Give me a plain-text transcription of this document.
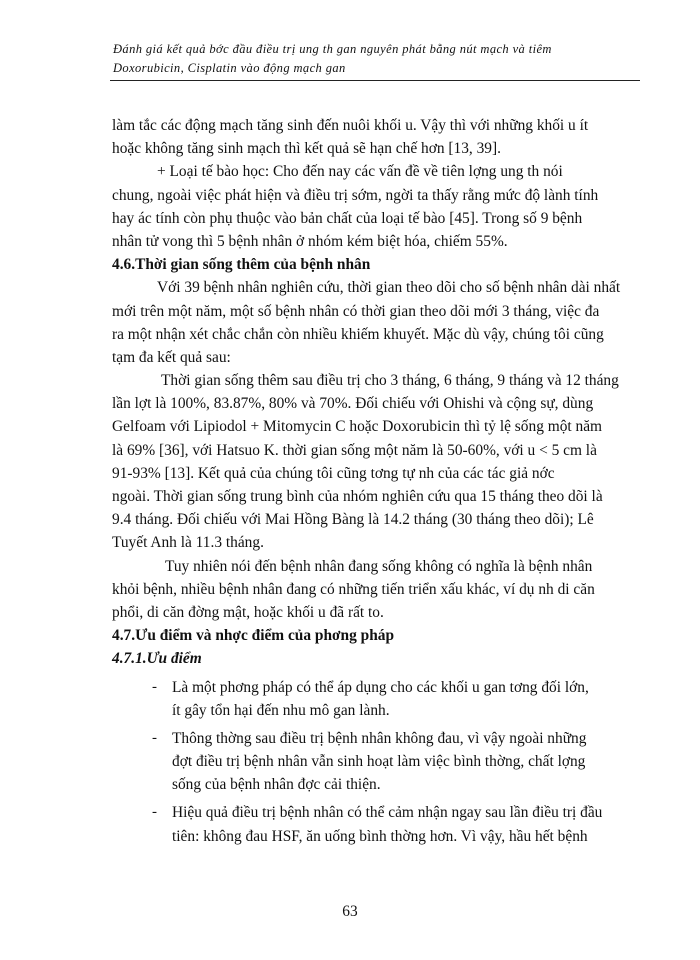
Đánh giá kết quả bớc đầu điều trị ung th gan nguyên phát bằng nút mạch và tiêm
Doxorubicin, Cisplatin vào động mạch gan
làm tắc các động mạch tăng sinh đến nuôi khối u. Vậy thì với những khối u ít
hoặc không tăng sinh mạch thì kết quả sẽ hạn chế hơn [13, 39].
+ Loại tế bào học: Cho đến nay các vấn đề về tiên lợng ung th nói
chung, ngoài việc phát hiện và điều trị sớm, ngời ta thấy rằng mức độ lành tính
hay ác tính còn phụ thuộc vào bản chất của loại tế bào [45]. Trong số 9 bệnh
nhân tử vong thì 5 bệnh nhân ở nhóm kém biệt hóa, chiếm 55%.
4.6.Thời gian sống thêm của bệnh nhân
Với 39 bệnh nhân nghiên cứu, thời gian theo dõi cho số bệnh nhân dài nhất
mới trên một năm, một số bệnh nhân có thời gian theo dõi mới 3 tháng, việc đa
ra một nhận xét chắc chắn còn nhiều khiếm khuyết. Mặc dù vậy, chúng tôi cũng
tạm đa kết quả sau:
Thời gian sống thêm sau điều trị cho 3 tháng, 6 tháng, 9 tháng và 12 tháng
lần lợt là 100%, 83.87%, 80% và 70%. Đối chiếu với Ohishi và cộng sự, dùng
Gelfoam với Lipiodol + Mitomycin C hoặc Doxorubicin thì tỷ lệ sống một năm
là 69% [36], với Hatsuo K. thời gian sống một năm là 50-60%, với u < 5 cm là
91-93% [13]. Kết quả của chúng tôi cũng tơng tự nh của các tác giả nớc
ngoài. Thời gian sống trung bình của nhóm nghiên cứu qua 15 tháng theo dõi là
9.4 tháng. Đối chiếu với Mai Hồng Bàng là 14.2 tháng (30 tháng theo dõi); Lê
Tuyết Anh là 11.3 tháng.
Tuy nhiên nói đến bệnh nhân đang sống không có nghĩa là bệnh nhân
khỏi bệnh, nhiều bệnh nhân đang có những tiến triển xấu khác, ví dụ nh di căn
phổi, di căn đờng mật, hoặc khối u đã rất to.
4.7.Ưu điểm và nhợc điểm của phơng pháp
4.7.1.Ưu điểm
- Là một phơng pháp có thể áp dụng cho các khối u gan tơng đối lớn,
ít gây tổn hại đến nhu mô gan lành.
- Thông thờng sau điều trị bệnh nhân không đau, vì vậy ngoài những
đợt điều trị bệnh nhân vẫn sinh hoạt làm việc bình thờng, chất lợng
sống của bệnh nhân đợc cải thiện.
- Hiệu quả điều trị bệnh nhân có thể cảm nhận ngay sau lần điều trị đầu
tiên: không đau HSF, ăn uống bình thờng hơn. Vì vậy, hầu hết bệnh
63
